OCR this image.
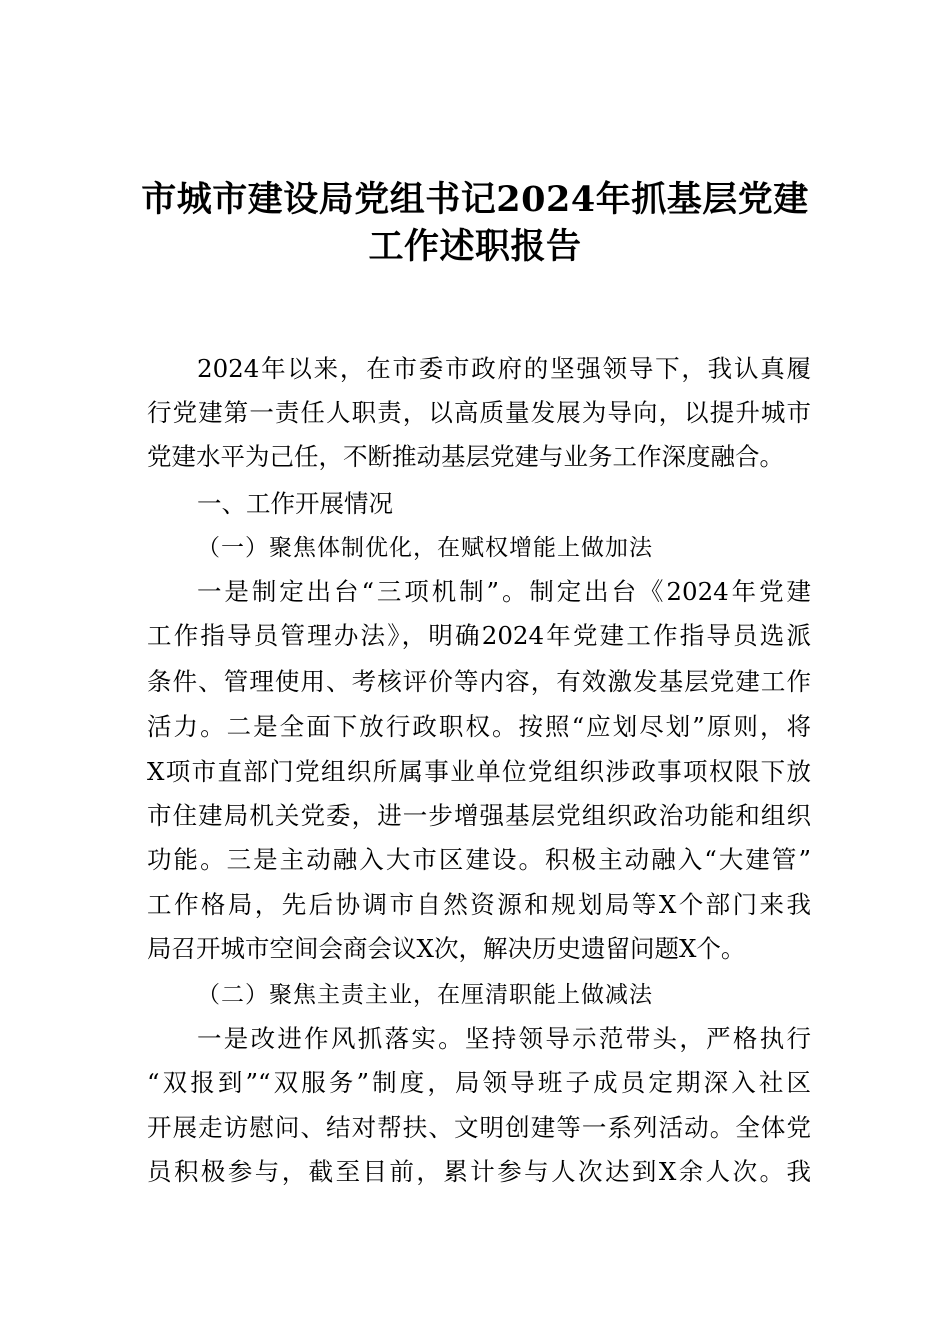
市城市建设局党组书记2024年抓基层党建
工作述职报告
2024年以来，在市委市政府的坚强领导下，我认真履
行党建第一责任人职责，以高质量发展为导向，以提升城市
党建水平为己任，不断推动基层党建与业务工作深度融合。
一、工作开展情况
（一）聚焦体制优化，在赋权增能上做加法
一是制定出台“三项机制”。制定出台《2024年党建
工作指导员管理办法》，明确2024年党建工作指导员选派
条件、管理使用、考核评价等内容，有效激发基层党建工作
活力。二是全面下放行政职权。按照“应划尽划”原则，将
X项市直部门党组织所属事业单位党组织涉政事项权限下放
市住建局机关党委，进一步增强基层党组织政治功能和组织
功能。三是主动融入大市区建设。积极主动融入“大建管”
工作格局，先后协调市自然资源和规划局等X个部门来我
局召开城市空间会商会议X次，解决历史遗留问题X个。
（二）聚焦主责主业，在厘清职能上做减法
一是改进作风抓落实。坚持领导示范带头，严格执行
“双报到”“双服务”制度，局领导班子成员定期深入社区
开展走访慰问、结对帮扶、文明创建等一系列活动。全体党
员积极参与，截至目前，累计参与人次达到X余人次。我
